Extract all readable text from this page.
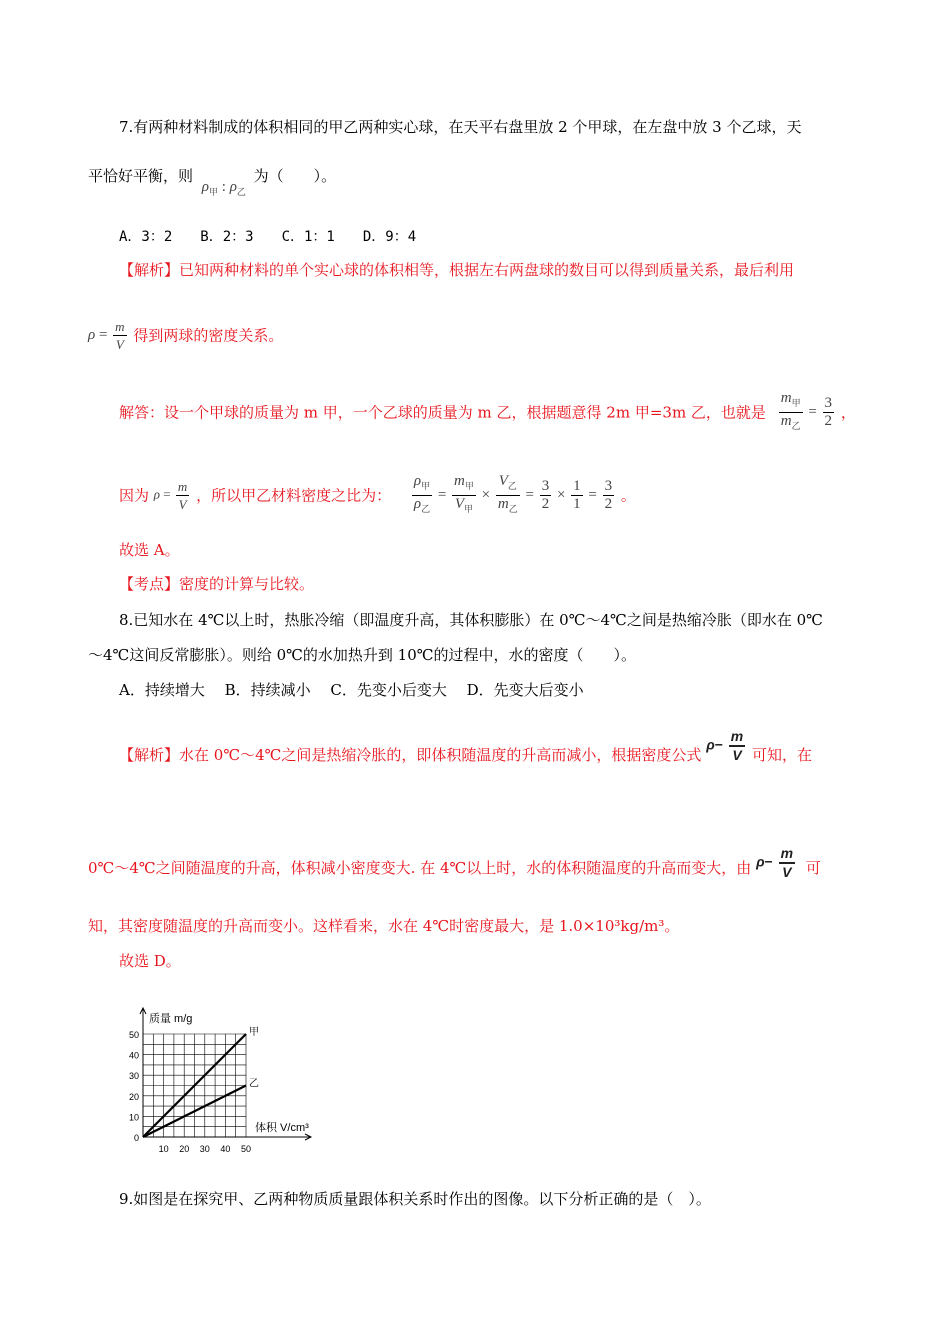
7.有两种材料制成的体积相同的甲乙两种实心球，在天平右盘里放 2 个甲球，在左盘中放 3 个乙球，天
平恰好平衡，则 $\rho_甲$ : $\rho_乙$ 为（　　）。
A．3：2　　B．2：3　　C．1：1　　D．9：4
【解析】已知两种材料的单个实心球的体积相等，根据左右两盘球的数目可以得到质量关系，最后利用
$\rho = \frac{m}{V}$ 得到两球的密度关系。
解答：设一个甲球的质量为 m 甲，一个乙球的质量为 m 乙，根据题意得 2m 甲=3m 乙，也就是 $\frac{m_甲}{m_乙} = \frac{3}{2}$ ，
因为 $\rho = \frac{m}{V}$ ，所以甲乙材料密度之比为： $\frac{\rho_甲}{\rho_乙} = \frac{m_甲}{V_甲} \times \frac{V_乙}{m_乙} = \frac{3}{2} \times \frac{1}{1} = \frac{3}{2}$ 。
故选 A。
【考点】密度的计算与比较。
8.已知水在 4℃以上时，热胀冷缩（即温度升高，其体积膨胀）在 0℃～4℃之间是热缩冷胀（即水在 0℃
～4℃这间反常膨胀）。则给 0℃的水加热升到 10℃的过程中，水的密度（　　）。
A．持续增大　 B．持续减小　 C．先变小后变大　 D．先变大后变小
【解析】水在 0℃～4℃之间是热缩冷胀的，即体积随温度的升高而减小，根据密度公式 $\rho- \frac{m}{V}$ 可知，在
0℃～4℃之间随温度的升高，体积减小密度变大. 在 4℃以上时，水的体积随温度的升高而变大，由 $\rho- \frac{m}{V}$ 可
知，其密度随温度的升高而变小。这样看来，水在 4℃时密度最大，是 1.0×10³kg/m³。
故选 D。
0
10
20
30
40
50
10 20 30 40 50
甲
乙
质量 m/g
体积 V/cm³
9.如图是在探究甲、乙两种物质质量跟体积关系时作出的图像。以下分析正确的是（　）。
